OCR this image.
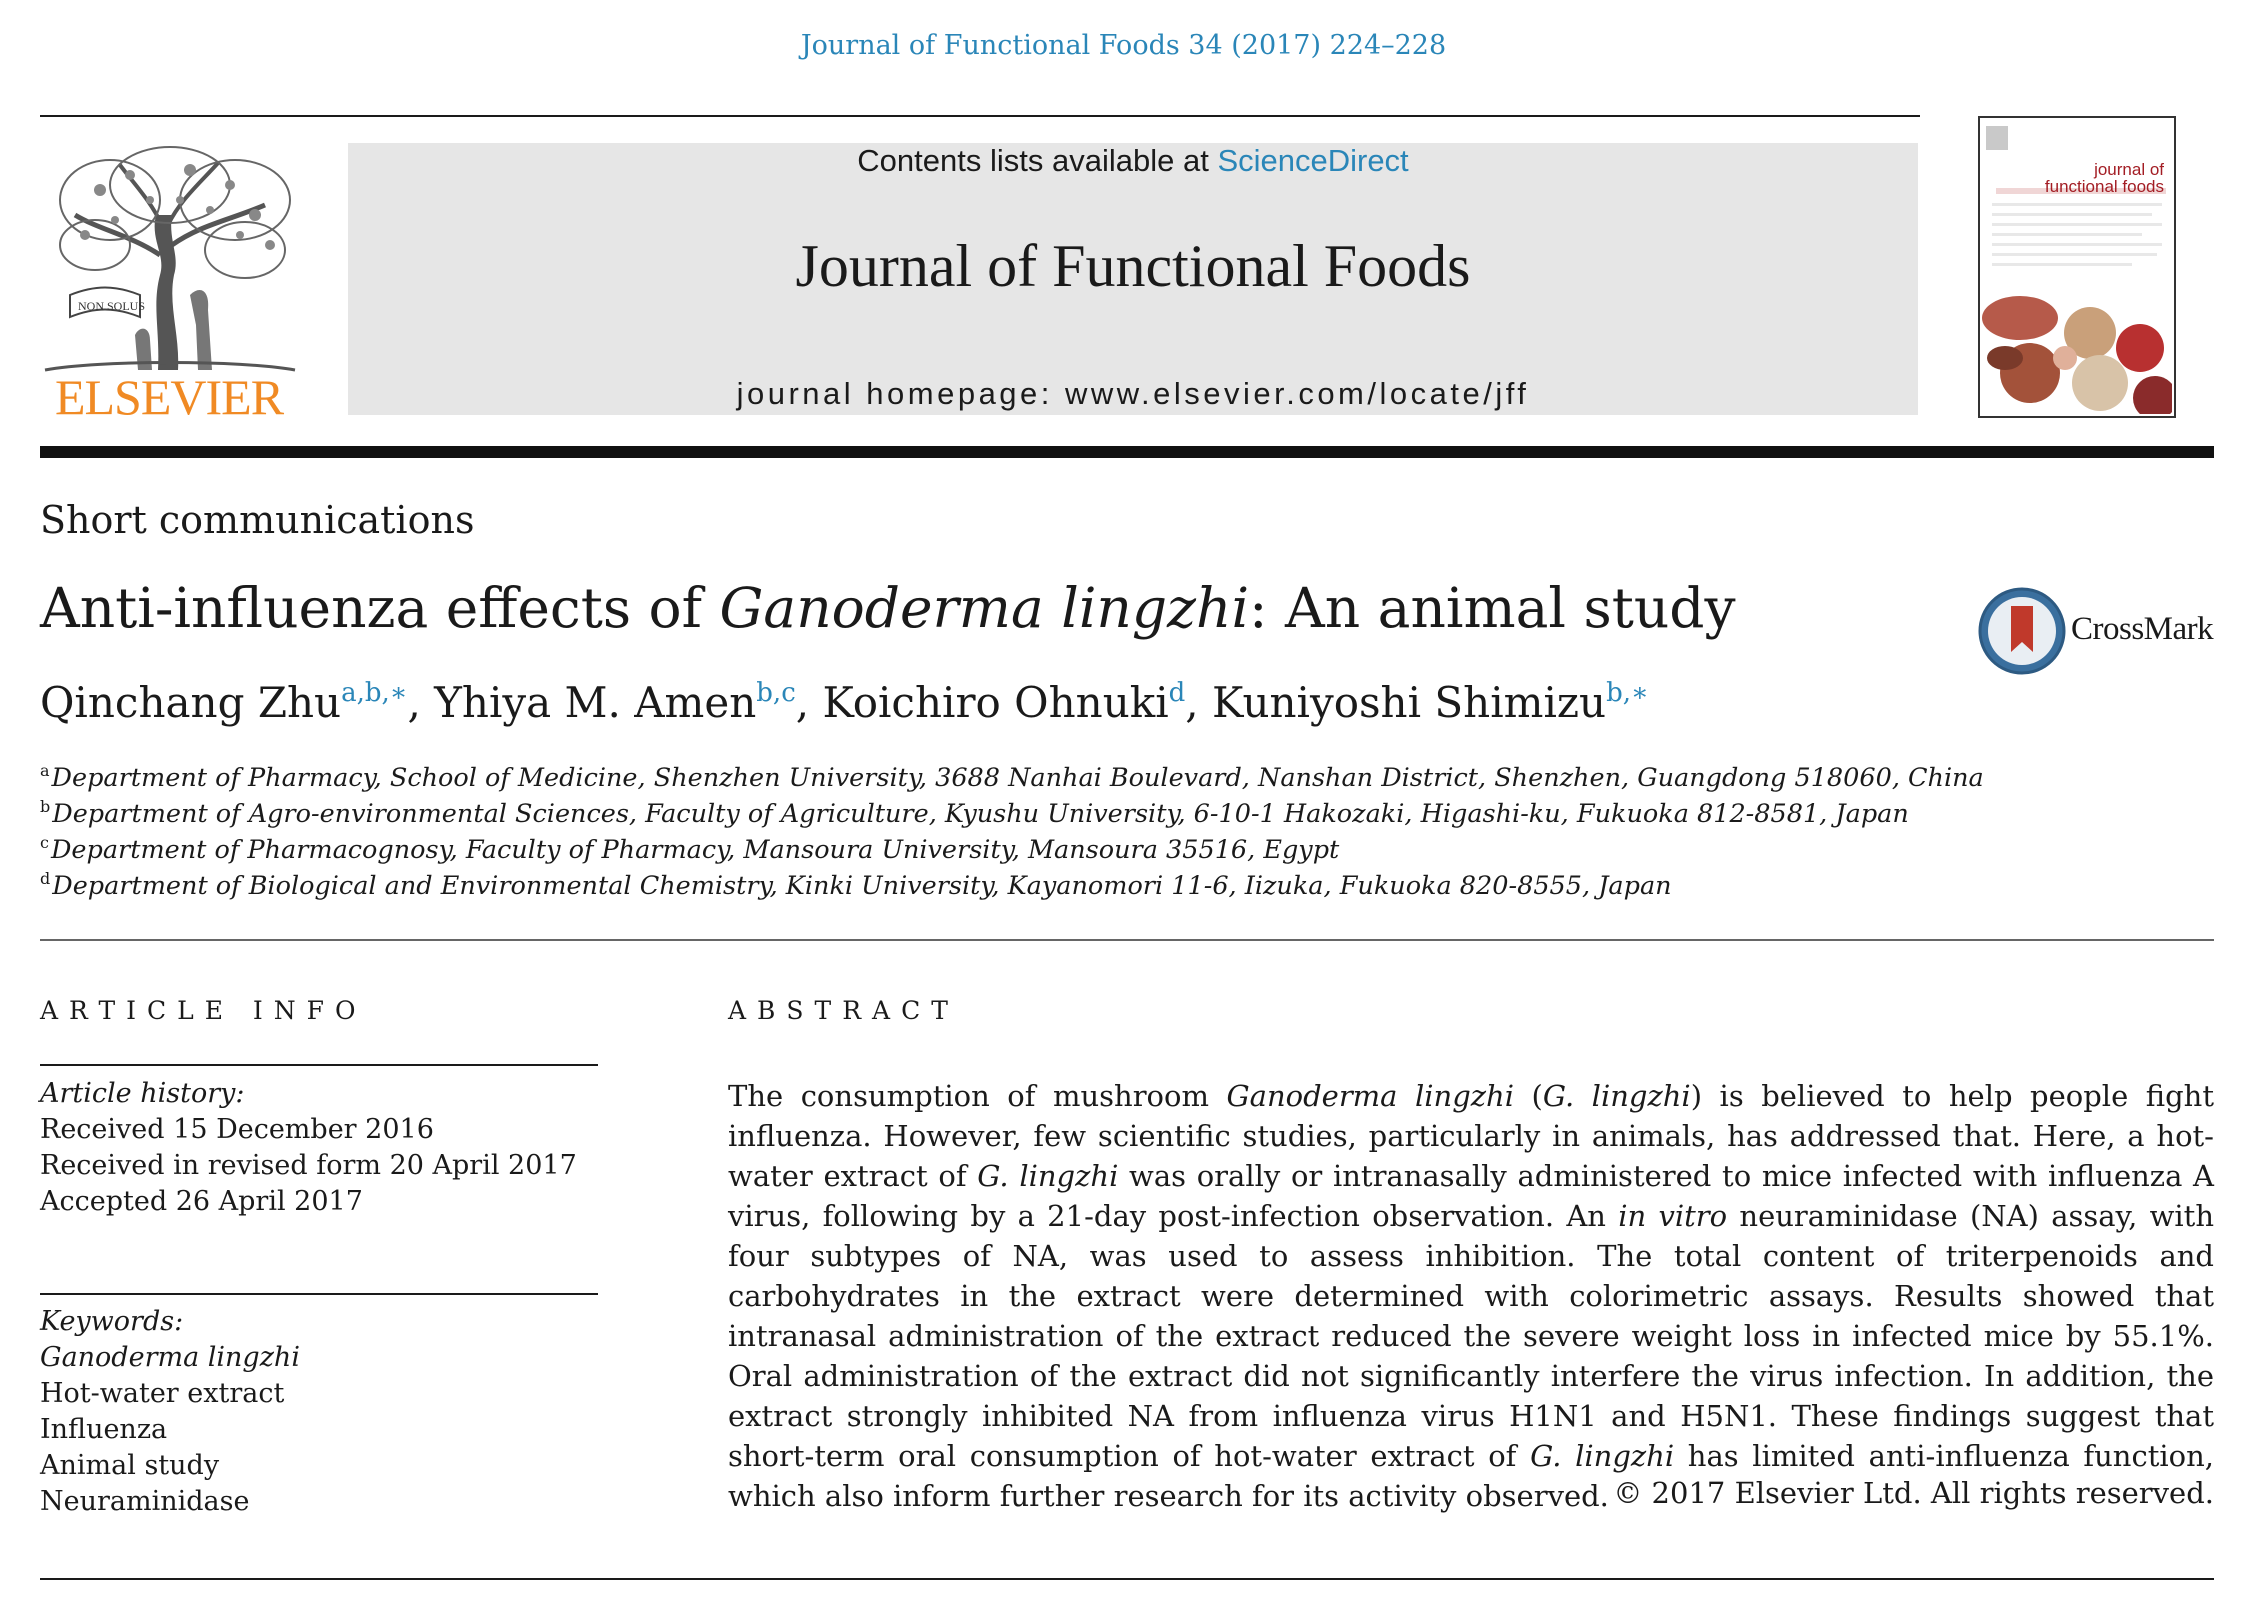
Journal of Functional Foods 34 (2017) 224–228
NON SOLUS
ELSEVIER
Contents lists available at ScienceDirect
Journal of Functional Foods
journal homepage: www.elsevier.com/locate/jff
journal of
functional foods
Short communications
Anti-influenza effects of Ganoderma lingzhi: An animal study	CrossMark
Qinchang Zhu$^{a,b,∗}$, Yhiya M. Amen$^{b,c}$, Koichiro Ohnuki$^d$, Kuniyoshi Shimizu$^{b,∗}$
$^a$Department of Pharmacy, School of Medicine, Shenzhen University, 3688 Nanhai Boulevard, Nanshan District, Shenzhen, Guangdong 518060, China
$^b$Department of Agro-environmental Sciences, Faculty of Agriculture, Kyushu University, 6-10-1 Hakozaki, Higashi-ku, Fukuoka 812-8581, Japan
$^c$Department of Pharmacognosy, Faculty of Pharmacy, Mansoura University, Mansoura 35516, Egypt
$^d$Department of Biological and Environmental Chemistry, Kinki University, Kayanomori 11-6, Iizuka, Fukuoka 820-8555, Japan
ARTICLE INFO
Article history:
Received 15 December 2016
Received in revised form 20 April 2017
Accepted 26 April 2017
Keywords:
Ganoderma lingzhi
Hot-water extract
Influenza
Animal study
Neuraminidase
ABSTRACT
The consumption of mushroom Ganoderma lingzhi (G. lingzhi) is believed to help people fight influenza. However, few scientific studies, particularly in animals, has addressed that. Here, a hot-water extract of G. lingzhi was orally or intranasally administered to mice infected with influenza A virus, following by a 21-day post-infection observation. An in vitro neuraminidase (NA) assay, with four subtypes of NA, was used to assess inhibition. The total content of triterpenoids and carbohydrates in the extract were determined with colorimetric assays. Results showed that intranasal administration of the extract reduced the severe weight loss in infected mice by 55.1%. Oral administration of the extract did not significantly interfere the virus infection. In addition, the extract strongly inhibited NA from influenza virus H1N1 and H5N1. These findings suggest that short-term oral consumption of hot-water extract of G. lingzhi has limited anti-influenza function, which also inform further research for its activity observed. © 2017 Elsevier Ltd. All rights reserved.
